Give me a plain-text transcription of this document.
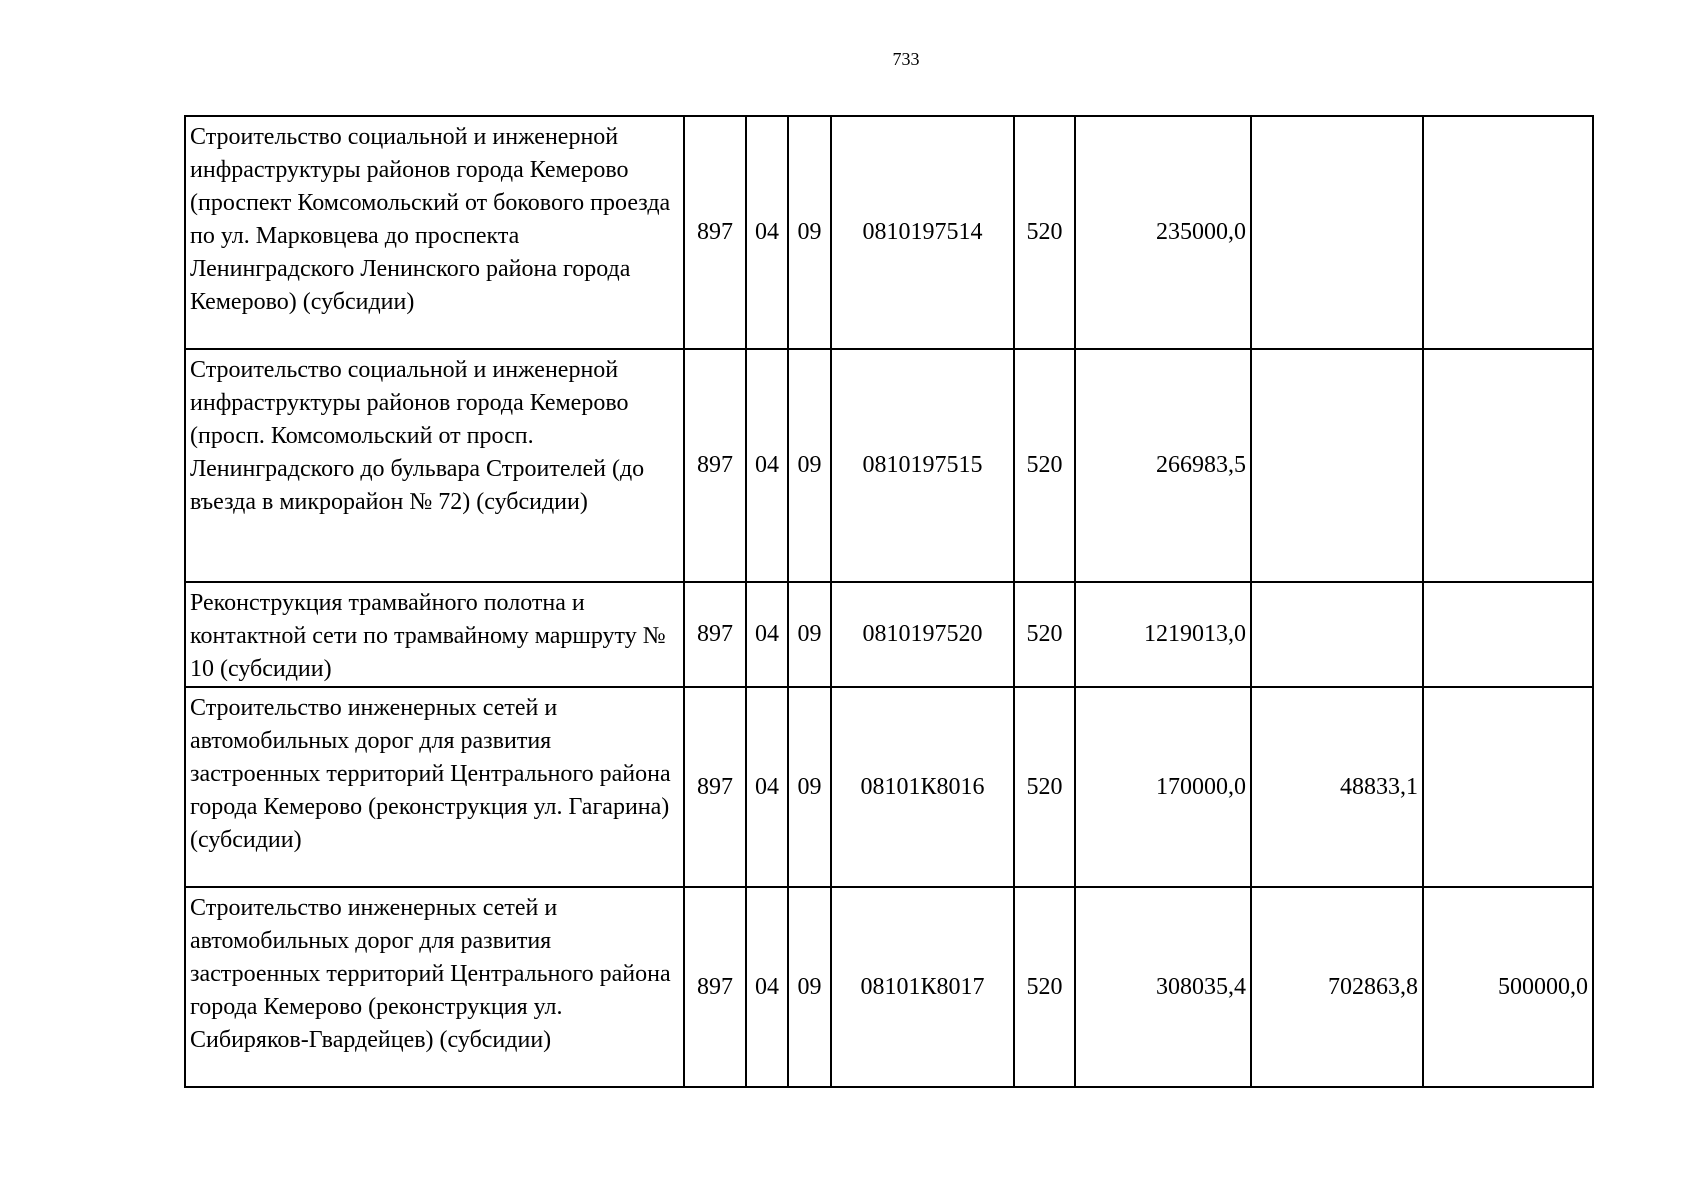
733
Строительство социальной и инженерной инфраструктуры районов города Кемерово (проспект Комсомольский от бокового проезда по ул. Марковцева до проспекта Ленинградского Ленинского района города Кемерово) (субсидии)	897	04	09	0810197514	520	235000,0		
Строительство социальной и инженерной инфраструктуры районов города Кемерово (просп. Комсомольский от просп. Ленинградского до бульвара Строителей (до въезда в микрорайон № 72) (субсидии)	897	04	09	0810197515	520	266983,5		
Реконструкция трамвайного полотна и контактной сети по трамвайному маршруту № 10 (субсидии)	897	04	09	0810197520	520	1219013,0		
Строительство инженерных сетей и автомобильных дорог для развития застроенных территорий Центрального района города Кемерово (реконструкция ул. Гагарина) (субсидии)	897	04	09	08101К8016	520	170000,0	48833,1	
Строительство инженерных сетей и автомобильных дорог для развития застроенных территорий Центрального района города Кемерово (реконструкция ул. Сибиряков-Гвардейцев) (субсидии)	897	04	09	08101К8017	520	308035,4	702863,8	500000,0
